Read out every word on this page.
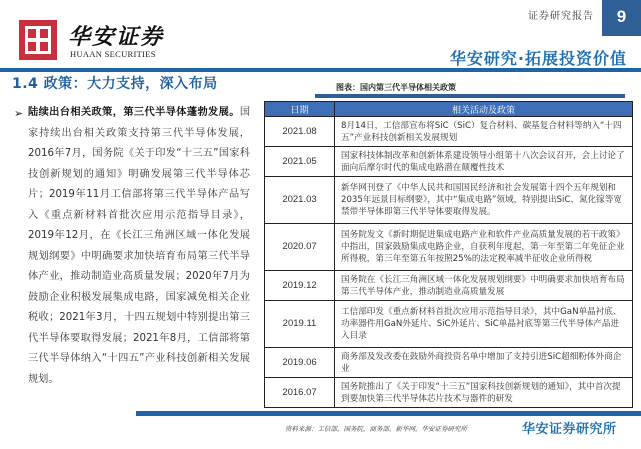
华安证券
HUAAN SECURITIES
证券研究报告	9
华安研究·拓展投资价值
1.4 政策：大力支持，深入布局
➢ 陆续出台相关政策，第三代半导体蓬勃发展。国家持续出台相关政策支持第三代半导体发展，2016年7月，国务院《关于印发“十三五”国家科技创新规划的通知》明确发展第三代半导体芯片；2019年11月工信部将第三代半导体产品写入《重点新材料首批次应用示范指导目录》，2019年12月，在《长江三角洲区域一体化发展规划纲要》中明确要求加快培育布局第三代半导体产业，推动制造业高质量发展；2020年7月为鼓励企业积极发展集成电路，国家减免相关企业税收；2021年3月，十四五规划中特别提出第三代半导体要取得发展；2021年8月，工信部将第三代半导体纳入“十四五”产业科技创新相关发展规划。
图表：国内第三代半导体相关政策
日期	相关活动及政策
2021.08	8月14日，工信部宣布将SiC（SiC）复合材料、碳基复合材料等纳入“十四五”产业科技创新相关发展规划
2021.05	国家科技体制改革和创新体系建设领导小组第十八次会议召开，会上讨论了面向后摩尔时代的集成电路潜在颠覆性技术
2021.03	新华网刊登了《中华人民共和国国民经济和社会发展第十四个五年规划和2035年远景目标纲要》，其中“集成电路”领域，特别提出SiC、氮化镓等宽禁带半导体即第三代半导体要取得发展。
2020.07	国务院发文《新时期促进集成电路产业和软件产业高质量发展的若干政策》中指出，国家鼓励集成电路企业，自获利年度起，第一年至第二年免征企业所得税，第三年至第五年按照25%的法定税率减半征收企业所得税
2019.12	国务院在《长江三角洲区域一体化发展规划纲要》中明确要求加快培育布局第三代半导体产业，推动制造业高质量发展
2019.11	工信部印发《重点新材料首批次应用示范指导目录》，其中GaN单晶衬底、功率器件用GaN外延片、SiC外延片、SiC单晶衬底等第三代半导体产品进入目录
2019.06	商务部及发改委在鼓励外商投资名单中增加了支持引进SiC超细粉体外商企业
2016.07	国务院推出了《关于印发“十三五”国家科技创新规划的通知》，其中首次提到要加快第三代半导体芯片技术与器件的研发
资料来源：工信部，国务院，商务部，新华网，华安证券研究所	华安证券研究所
